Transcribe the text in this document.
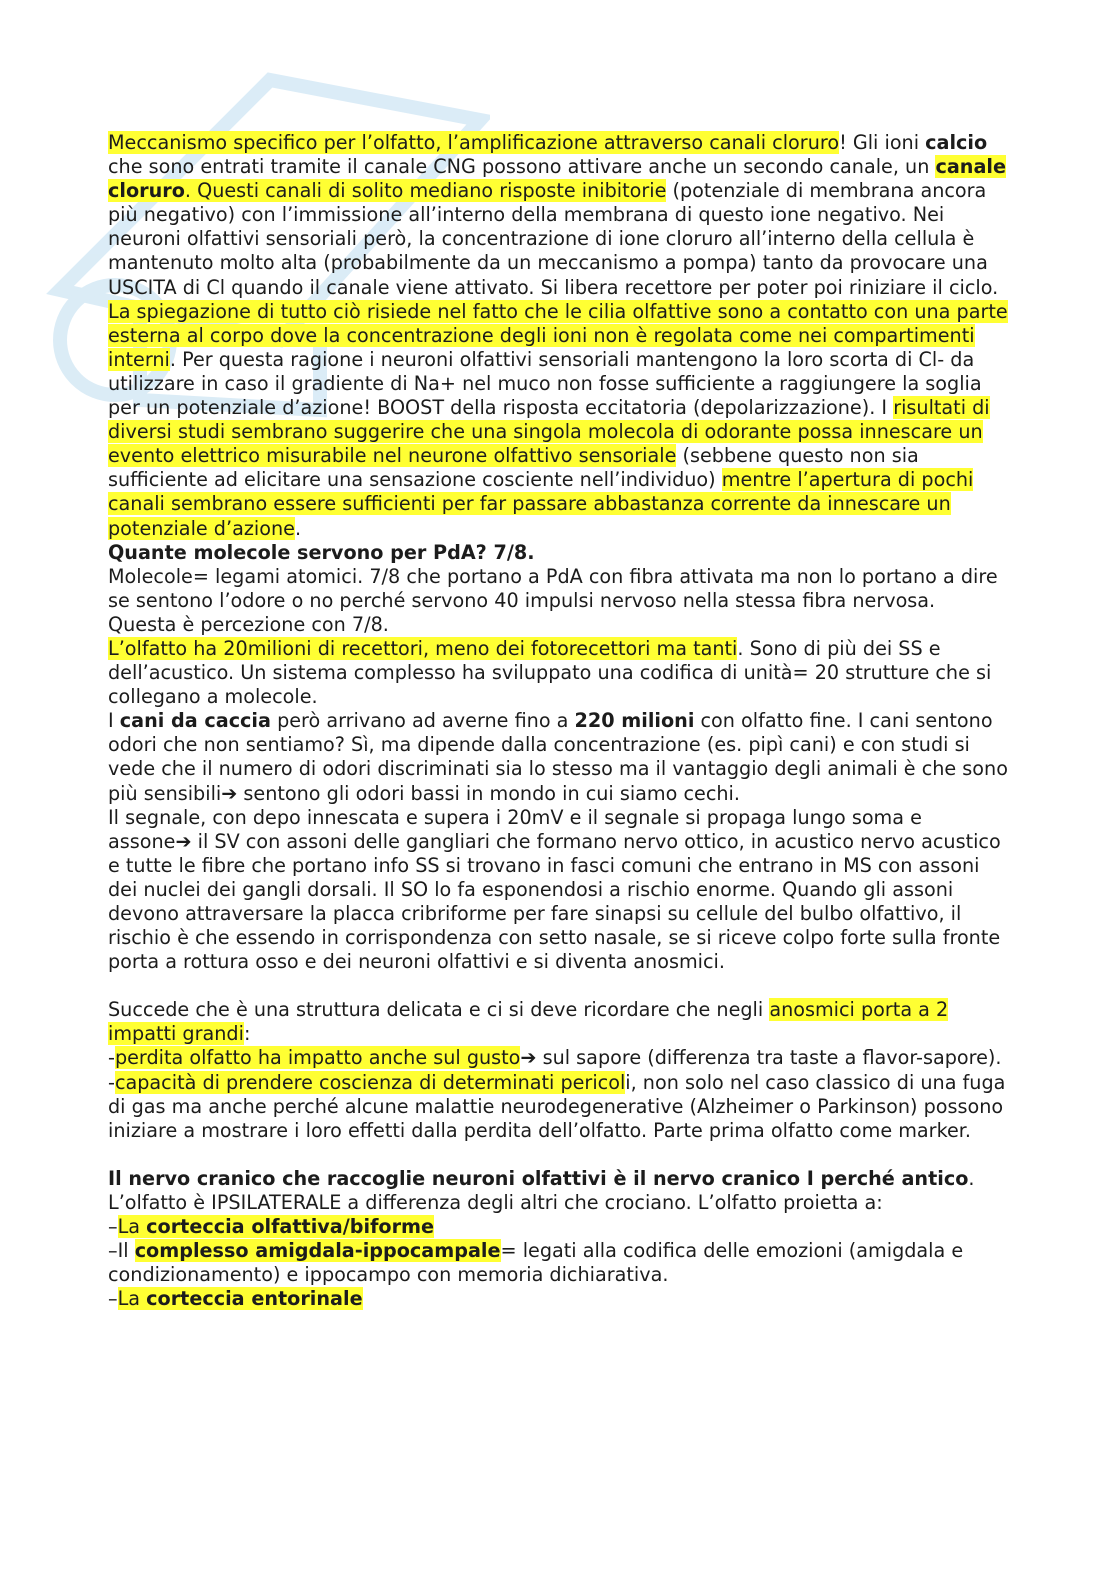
Meccanismo specifico per l’olfatto, l’amplificazione attraverso canali cloruro! Gli ioni calcio che sono entrati tramite il canale CNG possono attivare anche un secondo canale, un canale cloruro. Questi canali di solito mediano risposte inibitorie (potenziale di membrana ancora più negativo) con l’immissione all’interno della membrana di questo ione negativo. Nei neuroni olfattivi sensoriali però, la concentrazione di ione cloruro all’interno della cellula è mantenuto molto alta (probabilmente da un meccanismo a pompa) tanto da provocare una USCITA di Cl quando il canale viene attivato. Si libera recettore per poter poi riniziare il ciclo. La spiegazione di tutto ciò risiede nel fatto che le cilia olfattive sono a contatto con una parte esterna al corpo dove la concentrazione degli ioni non è regolata come nei compartimenti interni. Per questa ragione i neuroni olfattivi sensoriali mantengono la loro scorta di Cl- da utilizzare in caso il gradiente di Na+ nel muco non fosse sufficiente a raggiungere la soglia per un potenziale d’azione! BOOST della risposta eccitatoria (depolarizzazione). I risultati di diversi studi sembrano suggerire che una singola molecola di odorante possa innescare un evento elettrico misurabile nel neurone olfattivo sensoriale (sebbene questo non sia sufficiente ad elicitare una sensazione cosciente nell’individuo) mentre l’apertura di pochi canali sembrano essere sufficienti per far passare abbastanza corrente da innescare un potenziale d’azione.

Quante molecole servono per PdA? 7/8.

Molecole= legami atomici. 7/8 che portano a PdA con fibra attivata ma non lo portano a dire se sentono l’odore o no perché servono 40 impulsi nervoso nella stessa fibra nervosa. Questa è percezione con 7/8.

L’olfatto ha 20milioni di recettori, meno dei fotorecettori ma tanti. Sono di più dei SS e dell’acustico. Un sistema complesso ha sviluppato una codifica di unità= 20 strutture che si collegano a molecole.

I cani da caccia però arrivano ad averne fino a 220 milioni con olfatto fine. I cani sentono odori che non sentiamo? Sì, ma dipende dalla concentrazione (es. pipì cani) e con studi si vede che il numero di odori discriminati sia lo stesso ma il vantaggio degli animali è che sono più sensibili➔ sentono gli odori bassi in mondo in cui siamo cechi.

Il segnale, con depo innescata e supera i 20mV e il segnale si propaga lungo soma e assone➔ il SV con assoni delle gangliari che formano nervo ottico, in acustico nervo acustico e tutte le fibre che portano info SS si trovano in fasci comuni che entrano in MS con assoni dei nuclei dei gangli dorsali. Il SO lo fa esponendosi a rischio enorme. Quando gli assoni devono attraversare la placca cribriforme per fare sinapsi su cellule del bulbo olfattivo, il rischio è che essendo in corrispondenza con setto nasale, se si riceve colpo forte sulla fronte porta a rottura osso e dei neuroni olfattivi e si diventa anosmici.

Succede che è una struttura delicata e ci si deve ricordare che negli anosmici porta a 2 impatti grandi:

-perdita olfatto ha impatto anche sul gusto➔ sul sapore (differenza tra taste a flavor-sapore).

-capacità di prendere coscienza di determinati pericoli, non solo nel caso classico di una fuga di gas ma anche perché alcune malattie neurodegenerative (Alzheimer o Parkinson) possono iniziare a mostrare i loro effetti dalla perdita dell’olfatto. Parte prima olfatto come marker.

Il nervo cranico che raccoglie neuroni olfattivi è il nervo cranico I perché antico. L’olfatto è IPSILATERALE a differenza degli altri che crociano. L’olfatto proietta a:

–La corteccia olfattiva/biforme

–Il complesso amigdala-ippocampale= legati alla codifica delle emozioni (amigdala e condizionamento) e ippocampo con memoria dichiarativa.

–La corteccia entorinale
